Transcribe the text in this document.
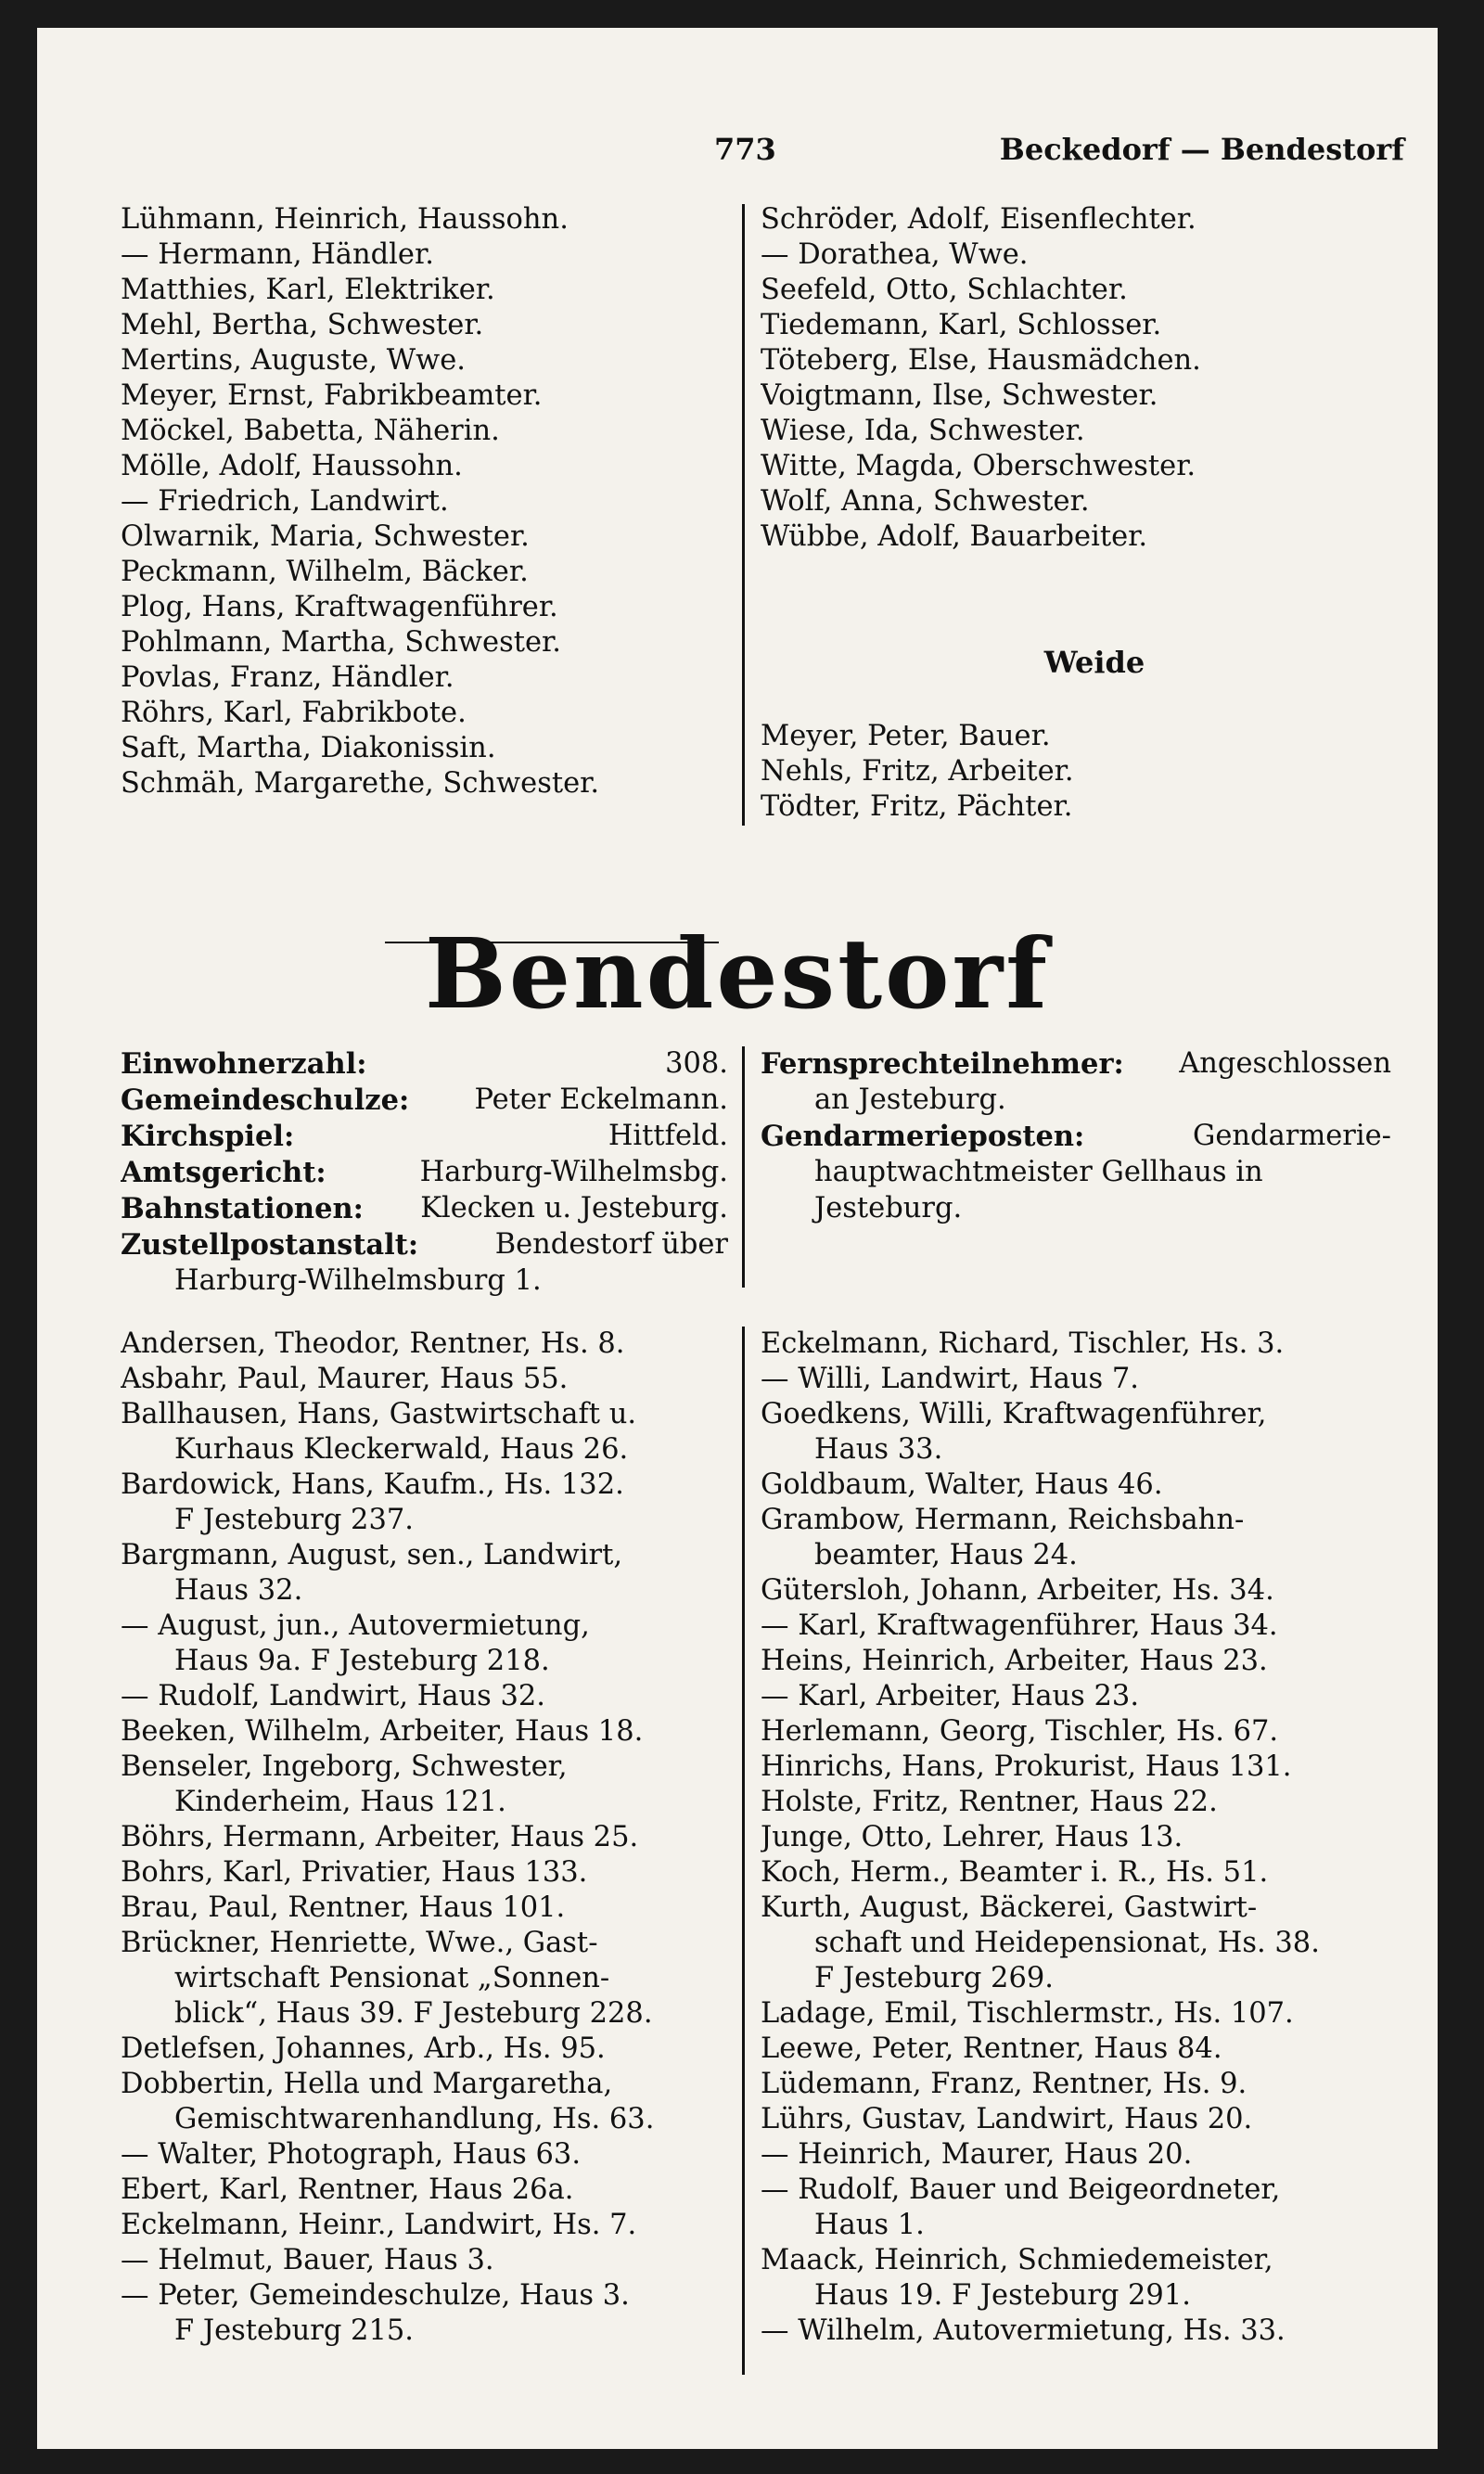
773	Beckedorf — Bendestorf
Lühmann, Heinrich, Haussohn.
— Hermann, Händler.
Matthies, Karl, Elektriker.
Mehl, Bertha, Schwester.
Mertins, Auguste, Wwe.
Meyer, Ernst, Fabrikbeamter.
Möckel, Babetta, Näherin.
Mölle, Adolf, Haussohn.
— Friedrich, Landwirt.
Olwarnik, Maria, Schwester.
Peckmann, Wilhelm, Bäcker.
Plog, Hans, Kraftwagenführer.
Pohlmann, Martha, Schwester.
Povlas, Franz, Händler.
Röhrs, Karl, Fabrikbote.
Saft, Martha, Diakonissin.
Schmäh, Margarethe, Schwester.
Schröder, Adolf, Eisenflechter.
— Dorathea, Wwe.
Seefeld, Otto, Schlachter.
Tiedemann, Karl, Schlosser.
Töteberg, Else, Hausmädchen.
Voigtmann, Ilse, Schwester.
Wiese, Ida, Schwester.
Witte, Magda, Oberschwester.
Wolf, Anna, Schwester.
Wübbe, Adolf, Bauarbeiter.
Weide
Meyer, Peter, Bauer.
Nehls, Fritz, Arbeiter.
Tödter, Fritz, Pächter.
Bendestorf
Einwohnerzahl:	308.
Gemeindeschulze: Peter Eckelmann.
Kirchspiel:	Hittfeld.
Amtsgericht:	Harburg-Wilhelmsbg.
Bahnstationen: Klecken u. Jesteburg.
Zustellpostanstalt:	Bendestorf über
Harburg-Wilhelmsburg 1.
Fernsprechteilnehmer: Angeschlossen
an Jesteburg.
Gendarmerieposten:	Gendarmerie-
hauptwachtmeister Gellhaus in
Jesteburg.
Andersen, Theodor, Rentner, Hs. 8.
Asbahr, Paul, Maurer, Haus 55.
Ballhausen, Hans, Gastwirtschaft u.
Kurhaus Kleckerwald, Haus 26.
Bardowick, Hans, Kaufm., Hs. 132.
F Jesteburg 237.
Bargmann, August, sen., Landwirt,
Haus 32.
— August, jun., Autovermietung,
Haus 9a. F Jesteburg 218.
— Rudolf, Landwirt, Haus 32.
Beeken, Wilhelm, Arbeiter, Haus 18.
Benseler, Ingeborg, Schwester,
Kinderheim, Haus 121.
Böhrs, Hermann, Arbeiter, Haus 25.
Bohrs, Karl, Privatier, Haus 133.
Brau, Paul, Rentner, Haus 101.
Brückner, Henriette, Wwe., Gast-
wirtschaft Pensionat „Sonnen-
blick“, Haus 39. F Jesteburg 228.
Detlefsen, Johannes, Arb., Hs. 95.
Dobbertin, Hella und Margaretha,
Gemischtwarenhandlung, Hs. 63.
— Walter, Photograph, Haus 63.
Ebert, Karl, Rentner, Haus 26a.
Eckelmann, Heinr., Landwirt, Hs. 7.
— Helmut, Bauer, Haus 3.
— Peter, Gemeindeschulze, Haus 3.
F Jesteburg 215.
Eckelmann, Richard, Tischler, Hs. 3.
— Willi, Landwirt, Haus 7.
Goedkens, Willi, Kraftwagenführer,
Haus 33.
Goldbaum, Walter, Haus 46.
Grambow, Hermann, Reichsbahn-
beamter, Haus 24.
Gütersloh, Johann, Arbeiter, Hs. 34.
— Karl, Kraftwagenführer, Haus 34.
Heins, Heinrich, Arbeiter, Haus 23.
— Karl, Arbeiter, Haus 23.
Herlemann, Georg, Tischler, Hs. 67.
Hinrichs, Hans, Prokurist, Haus 131.
Holste, Fritz, Rentner, Haus 22.
Junge, Otto, Lehrer, Haus 13.
Koch, Herm., Beamter i. R., Hs. 51.
Kurth, August, Bäckerei, Gastwirt-
schaft und Heidepensionat, Hs. 38.
F Jesteburg 269.
Ladage, Emil, Tischlermstr., Hs. 107.
Leewe, Peter, Rentner, Haus 84.
Lüdemann, Franz, Rentner, Hs. 9.
Lührs, Gustav, Landwirt, Haus 20.
— Heinrich, Maurer, Haus 20.
— Rudolf, Bauer und Beigeordneter,
Haus 1.
Maack, Heinrich, Schmiedemeister,
Haus 19. F Jesteburg 291.
— Wilhelm, Autovermietung, Hs. 33.
